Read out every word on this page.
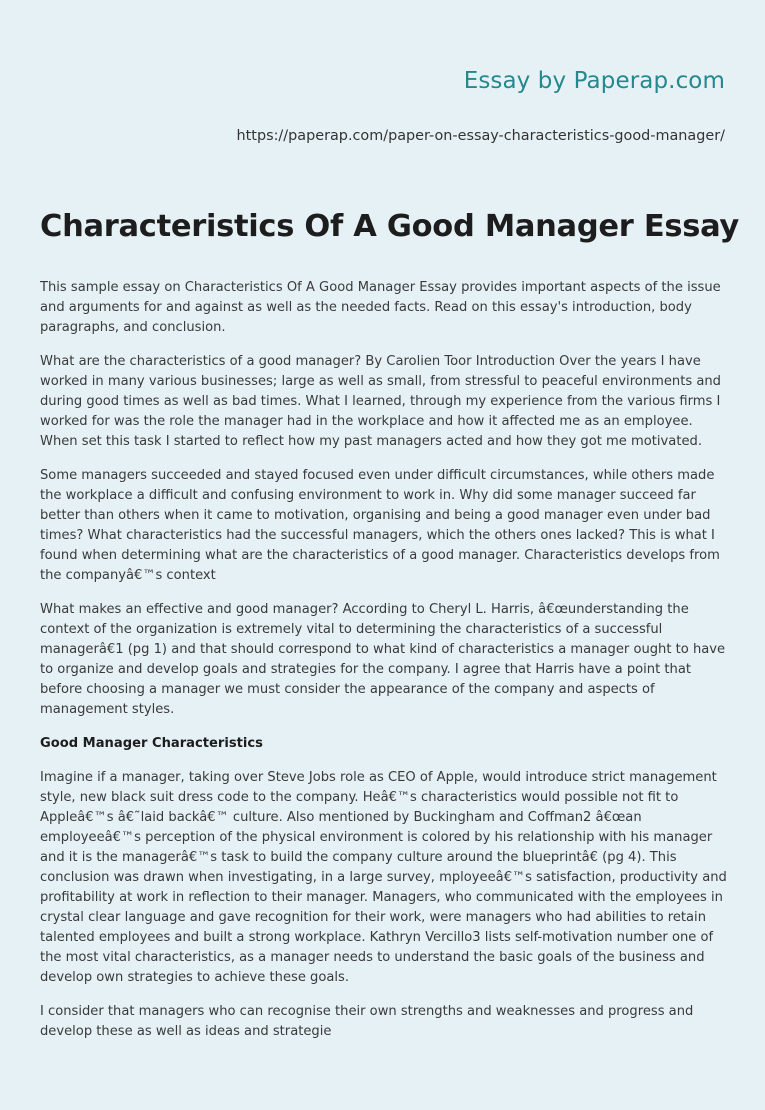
Essay by Paperap.com
https://paperap.com/paper-on-essay-characteristics-good-manager/
Characteristics Of A Good Manager Essay

This sample essay on Characteristics Of A Good Manager Essay provides important aspects of the issue and arguments for and against as well as the needed facts. Read on this essay's introduction, body paragraphs, and conclusion.

What are the characteristics of a good manager? By Carolien Toor Introduction Over the years I have worked in many various businesses; large as well as small, from stressful to peaceful environments and during good times as well as bad times. What I learned, through my experience from the various firms I worked for was the role the manager had in the workplace and how it affected me as an employee. When set this task I started to reflect how my past managers acted and how they got me motivated.

Some managers succeeded and stayed focused even under difficult circumstances, while others made the workplace a difficult and confusing environment to work in. Why did some manager succeed far better than others when it came to motivation, organising and being a good manager even under bad times? What characteristics had the successful managers, which the others ones lacked? This is what I found when determining what are the characteristics of a good manager. Characteristics develops from the companyâ€™s context

What makes an effective and good manager? According to Cheryl L. Harris, â€œunderstanding the context of the organization is extremely vital to determining the characteristics of a successful managerâ€1 (pg 1) and that should correspond to what kind of characteristics a manager ought to have to organize and develop goals and strategies for the company. I agree that Harris have a point that before choosing a manager we must consider the appearance of the company and aspects of management styles.

Good Manager Characteristics

Imagine if a manager, taking over Steve Jobs role as CEO of Apple, would introduce strict management style, new black suit dress code to the company. Heâ€™s characteristics would possible not fit to Appleâ€™s â€˜laid backâ€™ culture. Also mentioned by Buckingham and Coffman2 â€œan employeeâ€™s perception of the physical environment is colored by his relationship with his manager and it is the managerâ€™s task to build the company culture around the blueprintâ€ (pg 4). This conclusion was drawn when investigating, in a large survey, mployeeâ€™s satisfaction, productivity and profitability at work in reflection to their manager. Managers, who communicated with the employees in crystal clear language and gave recognition for their work, were managers who had abilities to retain talented employees and built a strong workplace. Kathryn Vercillo3 lists self-motivation number one of the most vital characteristics, as a manager needs to understand the basic goals of the business and develop own strategies to achieve these goals.

I consider that managers who can recognise their own strengths and weaknesses and progress and develop these as well as ideas and strategie
